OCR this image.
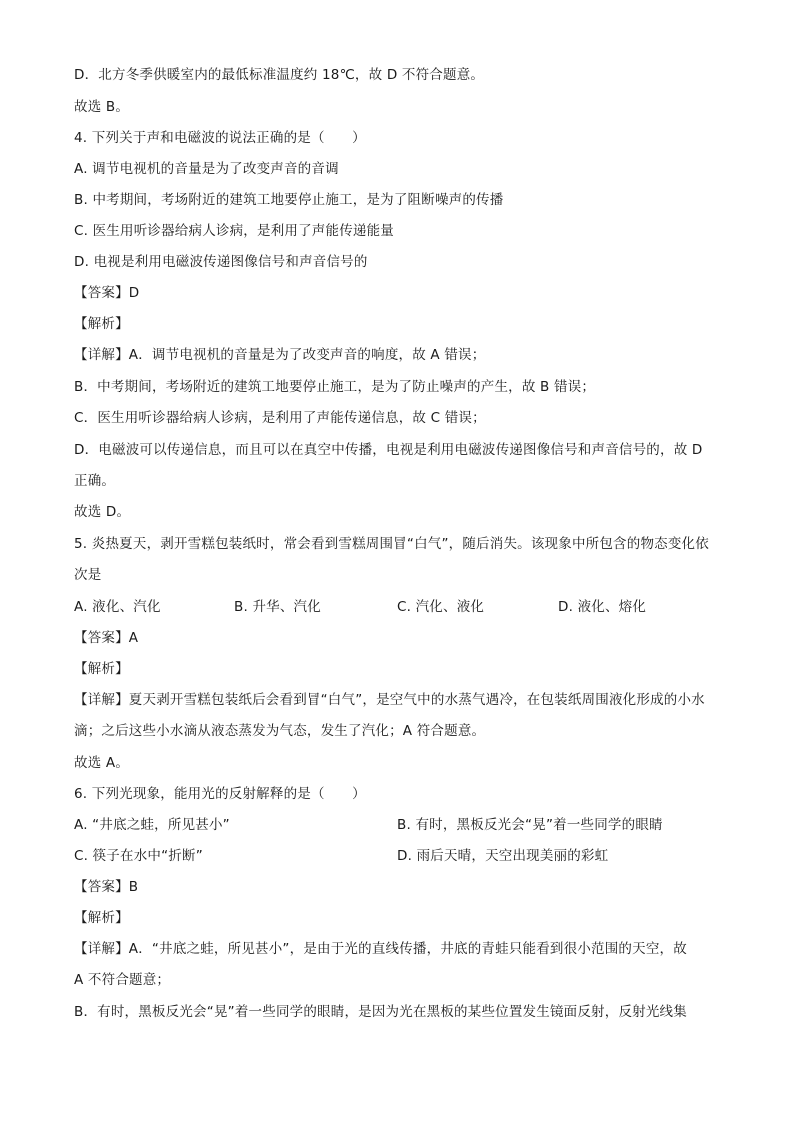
D．北方冬季供暖室内的最低标准温度约 18℃，故 D 不符合题意。
故选 B。
4. 下列关于声和电磁波的说法正确的是（　　）
A. 调节电视机的音量是为了改变声音的音调
B. 中考期间，考场附近的建筑工地要停止施工，是为了阻断噪声的传播
C. 医生用听诊器给病人诊病，是利用了声能传递能量
D. 电视是利用电磁波传递图像信号和声音信号的
【答案】D
【解析】
【详解】A．调节电视机的音量是为了改变声音的响度，故 A 错误；
B．中考期间，考场附近的建筑工地要停止施工，是为了防止噪声的产生，故 B 错误；
C．医生用听诊器给病人诊病，是利用了声能传递信息，故 C 错误；
D．电磁波可以传递信息，而且可以在真空中传播，电视是利用电磁波传递图像信号和声音信号的，故 D
正确。
故选 D。
5. 炎热夏天，剥开雪糕包装纸时，常会看到雪糕周围冒“白气”，随后消失。该现象中所包含的物态变化依
次是
A. 液化、汽化	B. 升华、汽化	C. 汽化、液化	D. 液化、熔化
【答案】A
【解析】
【详解】夏天剥开雪糕包装纸后会看到冒“白气”，是空气中的水蒸气遇冷，在包装纸周围液化形成的小水
滴；之后这些小水滴从液态蒸发为气态，发生了汽化；A 符合题意。
故选 A。
6. 下列光现象，能用光的反射解释的是（　　）
A. “井底之蛙，所见甚小”	B. 有时，黑板反光会“晃”着一些同学的眼睛
C. 筷子在水中“折断”	D. 雨后天晴，天空出现美丽的彩虹
【答案】B
【解析】
【详解】A．“井底之蛙，所见甚小”，是由于光的直线传播，井底的青蛙只能看到很小范围的天空，故
A 不符合题意；
B．有时，黑板反光会“晃”着一些同学的眼睛，是因为光在黑板的某些位置发生镜面反射，反射光线集
